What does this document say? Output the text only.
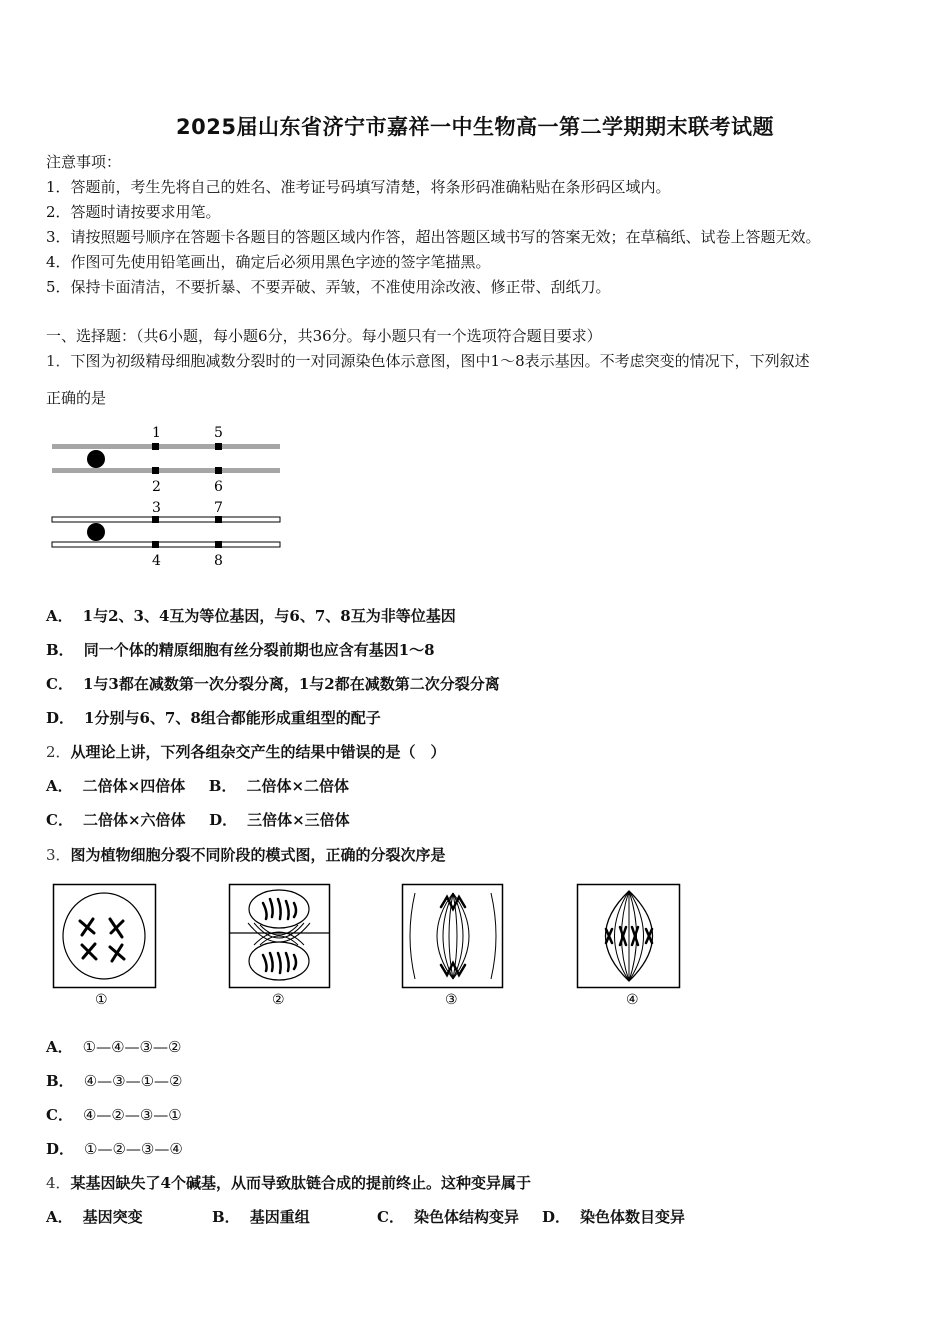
2025届山东省济宁市嘉祥一中生物高一第二学期期末联考试题
注意事项：
1．答题前，考生先将自己的姓名、准考证号码填写清楚，将条形码准确粘贴在条形码区域内。
2．答题时请按要求用笔。
3．请按照题号顺序在答题卡各题目的答题区域内作答，超出答题区域书写的答案无效；在草稿纸、试卷上答题无效。
4．作图可先使用铅笔画出，确定后必须用黑色字迹的签字笔描黑。
5．保持卡面清洁，不要折暴、不要弄破、弄皱，不准使用涂改液、修正带、刮纸刀。
一、选择题：（共6小题，每小题6分，共36分。每小题只有一个选项符合题目要求）
1．下图为初级精母细胞减数分裂时的一对同源染色体示意图，图中1～8表示基因。不考虑突变的情况下，下列叙述
正确的是
1	5
2	6
3	7
4	8
A． 1与2、3、4互为等位基因，与6、7、8互为非等位基因
B． 同一个体的精原细胞有丝分裂前期也应含有基因1～8
C． 1与3都在减数第一次分裂分离，1与2都在减数第二次分裂分离
D． 1分别与6、7、8组合都能形成重组型的配子
2．从理论上讲，下列各组杂交产生的结果中错误的是（　）
A． 二倍体×四倍体 B． 二倍体×二倍体
C． 二倍体×六倍体 D． 三倍体×三倍体
3．图为植物细胞分裂不同阶段的模式图，正确的分裂次序是
①	②	③	④
A． ①—④—③—②
B． ④—③—①—②
C． ④—②—③—①
D． ①—②—③—④
4．某基因缺失了4个碱基，从而导致肽链合成的提前终止。这种变异属于
A． 基因突变	B． 基因重组	C． 染色体结构变异 D． 染色体数目变异
